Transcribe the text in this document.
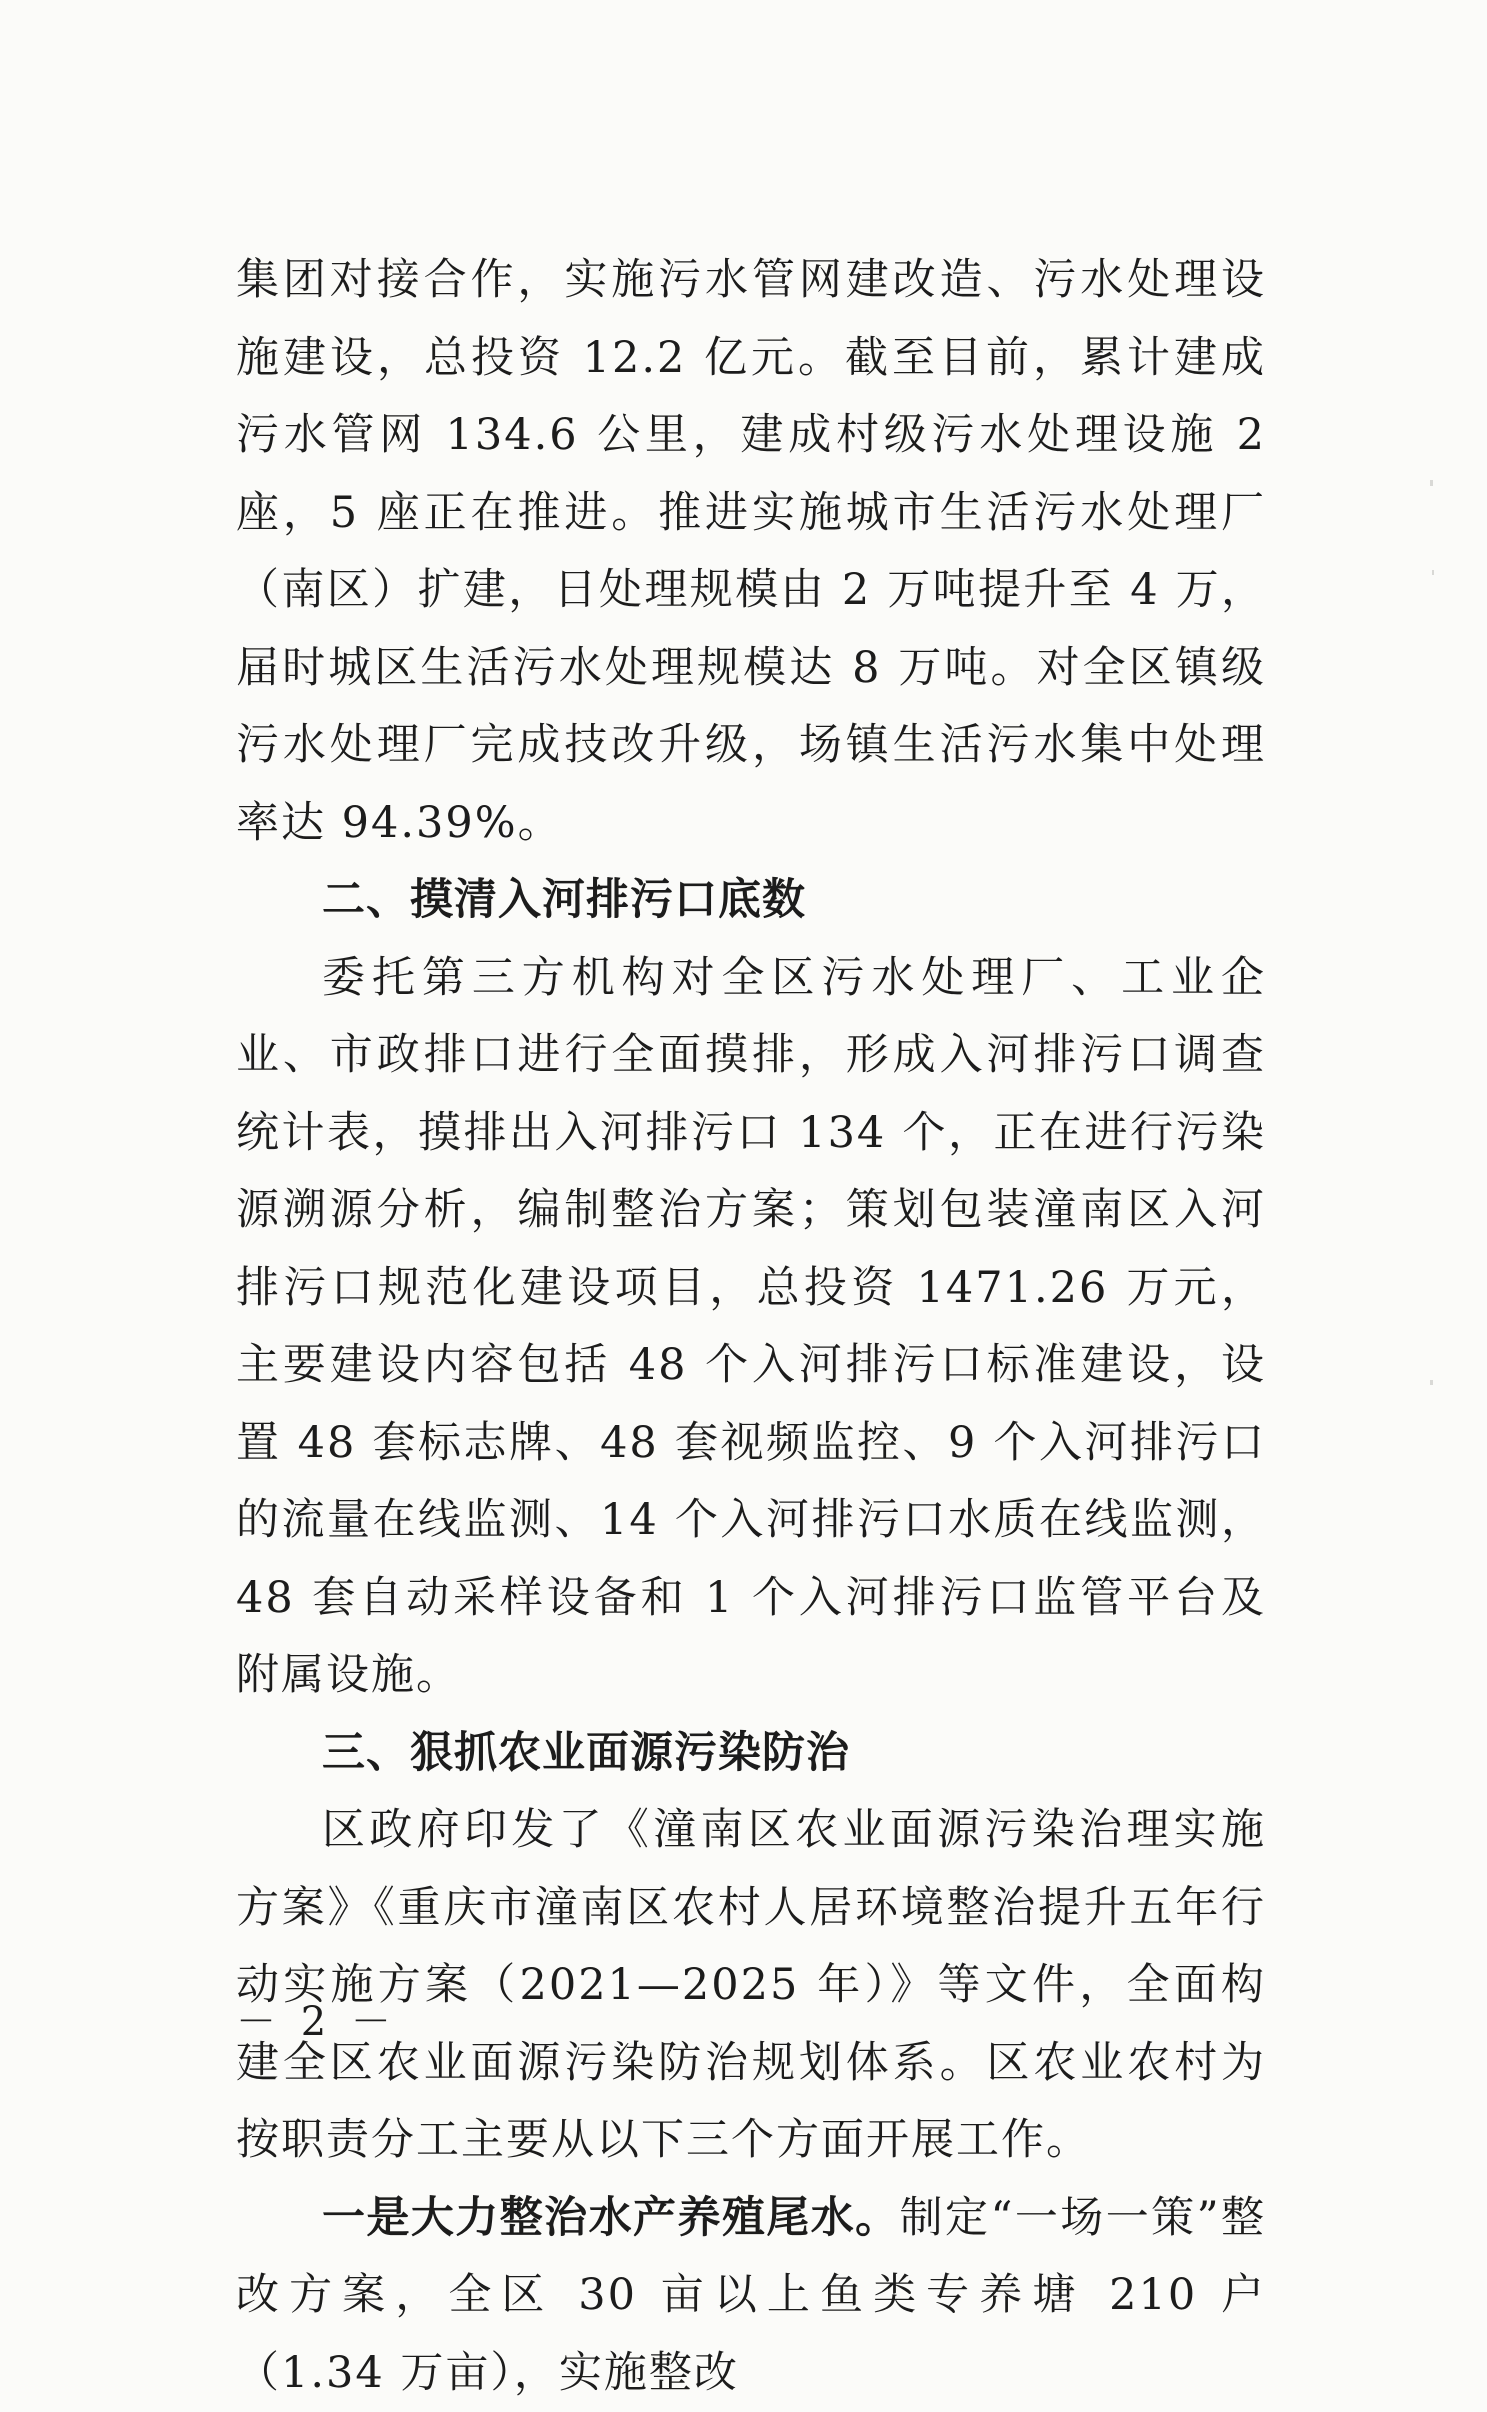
集团对接合作，实施污水管网建改造、污水处理设施建设，总投资 12.2 亿元。截至目前，累计建成污水管网 134.6 公里，建成村级污水处理设施 2 座，5 座正在推进。推进实施城市生活污水处理厂（南区）扩建，日处理规模由 2 万吨提升至 4 万，届时城区生活污水处理规模达 8 万吨。对全区镇级污水处理厂完成技改升级，场镇生活污水集中处理率达 94.39%。

二、摸清入河排污口底数

委托第三方机构对全区污水处理厂、工业企业、市政排口进行全面摸排，形成入河排污口调查统计表，摸排出入河排污口 134 个，正在进行污染源溯源分析，编制整治方案；策划包装潼南区入河排污口规范化建设项目，总投资 1471.26 万元，主要建设内容包括 48 个入河排污口标准建设，设置 48 套标志牌、48 套视频监控、9 个入河排污口的流量在线监测、14 个入河排污口水质在线监测，48 套自动采样设备和 1 个入河排污口监管平台及附属设施。

三、狠抓农业面源污染防治

区政府印发了《潼南区农业面源污染治理实施方案》《重庆市潼南区农村人居环境整治提升五年行动实施方案（2021—2025 年）》等文件，全面构建全区农业面源污染防治规划体系。区农业农村为按职责分工主要从以下三个方面开展工作。

一是大力整治水产养殖尾水。制定“一场一策”整改方案，全区 30 亩以上鱼类专养塘 210 户（1.34 万亩），实施整改

－ 2 －
